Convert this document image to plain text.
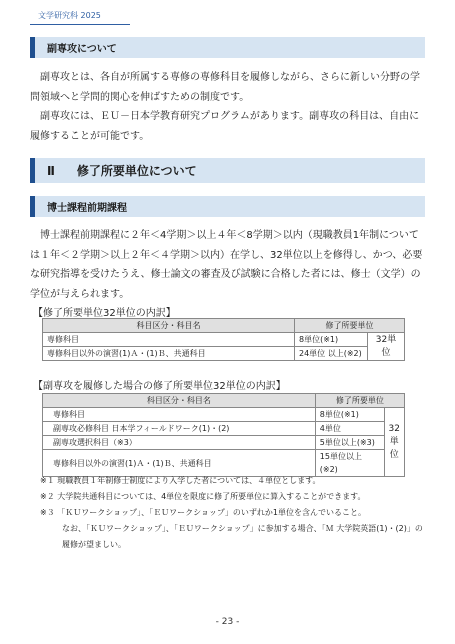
文学研究科 2025
副専攻について
副専攻とは、各自が所属する専修の専修科目を履修しながら、さらに新しい分野の学問領域へと学問的関心を伸ばすための制度です。
副専攻には、ＥＵ－日本学教育研究プログラムがあります。副専攻の科目は、自由に履修することが可能です。
Ⅱ 修了所要単位について
博士課程前期課程
博士課程前期課程に２年＜4学期＞以上４年＜8学期＞以内（現職教員1年制については１年＜２学期＞以上２年＜４学期＞以内）在学し、32単位以上を修得し、かつ、必要な研究指導を受けたうえ、修士論文の審査及び試験に合格した者には、修士（文学）の学位が与えられます。
【修了所要単位32単位の内訳】
科目区分・科目名	修了所要単位	
専修科目	8単位(※1)	32単位
専修科目以外の演習(1)Ａ・(1)Ｂ、共通科目	24単位 以上(※2)	
【副専攻を履修した場合の修了所要単位32単位の内訳】
科目区分・科目名	修了所要単位	
専修科目	8単位(※1)	32単位
副専攻必修科目 日本学フィールドワーク(1)・(2)	4単位	
副専攻選択科目（※3）	5単位以上(※3)	
専修科目以外の演習(1)Ａ・(1)Ｂ、共通科目	15単位以上(※2)	
※１ 現職教員１年制修士制度により入学した者については、４単位とします。
※２ 大学院共通科目については、4単位を限度に修了所要単位に算入することができます。
※３ 「ＫＵワークショップ」、「ＥＵワークショップ」のいずれか1単位を含んでいること。
なお、「ＫＵワークショップ」、「ＥＵワークショップ」に参加する場合、「Ｍ 大学院英語(1)・(2)」の履修が望ましい。
- 23 -
